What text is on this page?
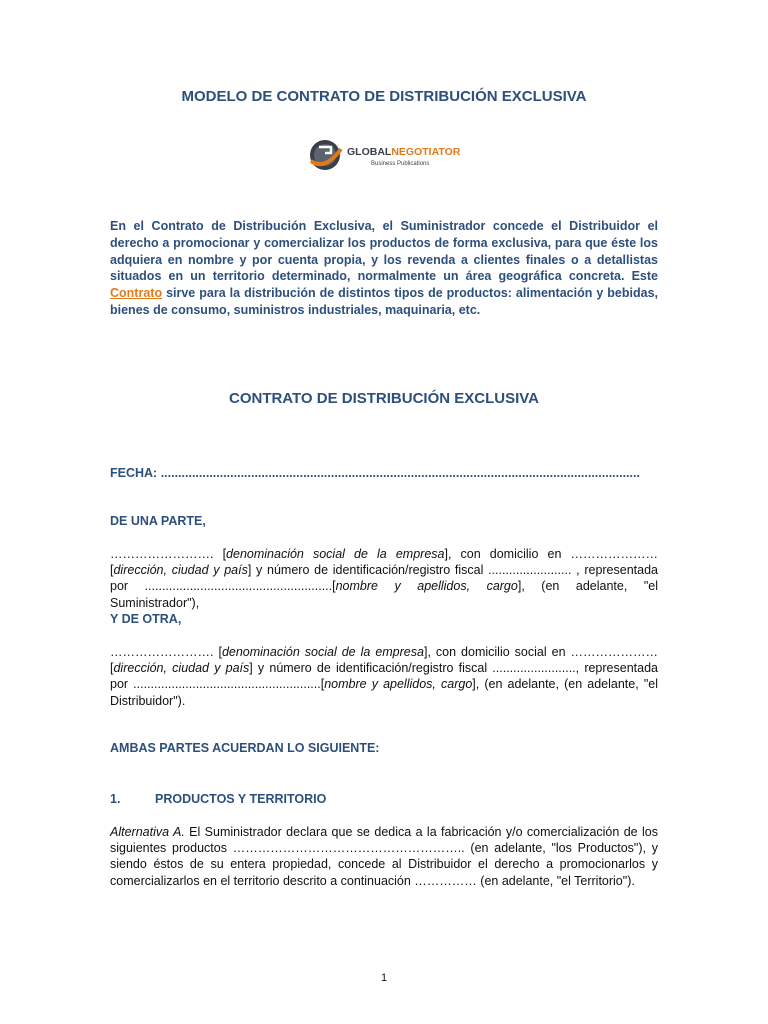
MODELO DE CONTRATO DE DISTRIBUCIÓN EXCLUSIVA
GLOBALNEGOTIATOR
Business Publications
En el Contrato de Distribución Exclusiva, el Suministrador concede el Distribuidor el derecho a promocionar y comercializar los productos de forma exclusiva, para que éste los adquiera en nombre y por cuenta propia, y los revenda a clientes finales o a detallistas situados en un territorio determinado, normalmente un área geográfica concreta. Este Contrato sirve para la distribución de distintos tipos de productos: alimentación y bebidas, bienes de consumo, suministros industriales, maquinaria, etc.
CONTRATO DE DISTRIBUCIÓN EXCLUSIVA
FECHA: ..........................................................................................................................................
DE UNA PARTE,
……………………. [denominación social de la empresa], con domicilio en ………………… [dirección, ciudad y país] y número de identificación/registro fiscal ........................ , representada por ......................................................[nombre y apellidos, cargo], (en adelante, "el Suministrador"),
Y DE OTRA,
……………………. [denominación social de la empresa], con domicilio social en ………………… [dirección, ciudad y país] y número de identificación/registro fiscal ........................, representada por ......................................................[nombre y apellidos, cargo], (en adelante, (en adelante, "el Distribuidor").
AMBAS PARTES ACUERDAN LO SIGUIENTE:
1.	PRODUCTOS Y TERRITORIO
Alternativa A. El Suministrador declara que se dedica a la fabricación y/o comercialización de los siguientes productos ……………………………………………….. (en adelante, "los Productos"), y siendo éstos de su entera propiedad, concede al Distribuidor el derecho a promocionarlos y comercializarlos en el territorio descrito a continuación …………… (en adelante, "el Territorio").
1
